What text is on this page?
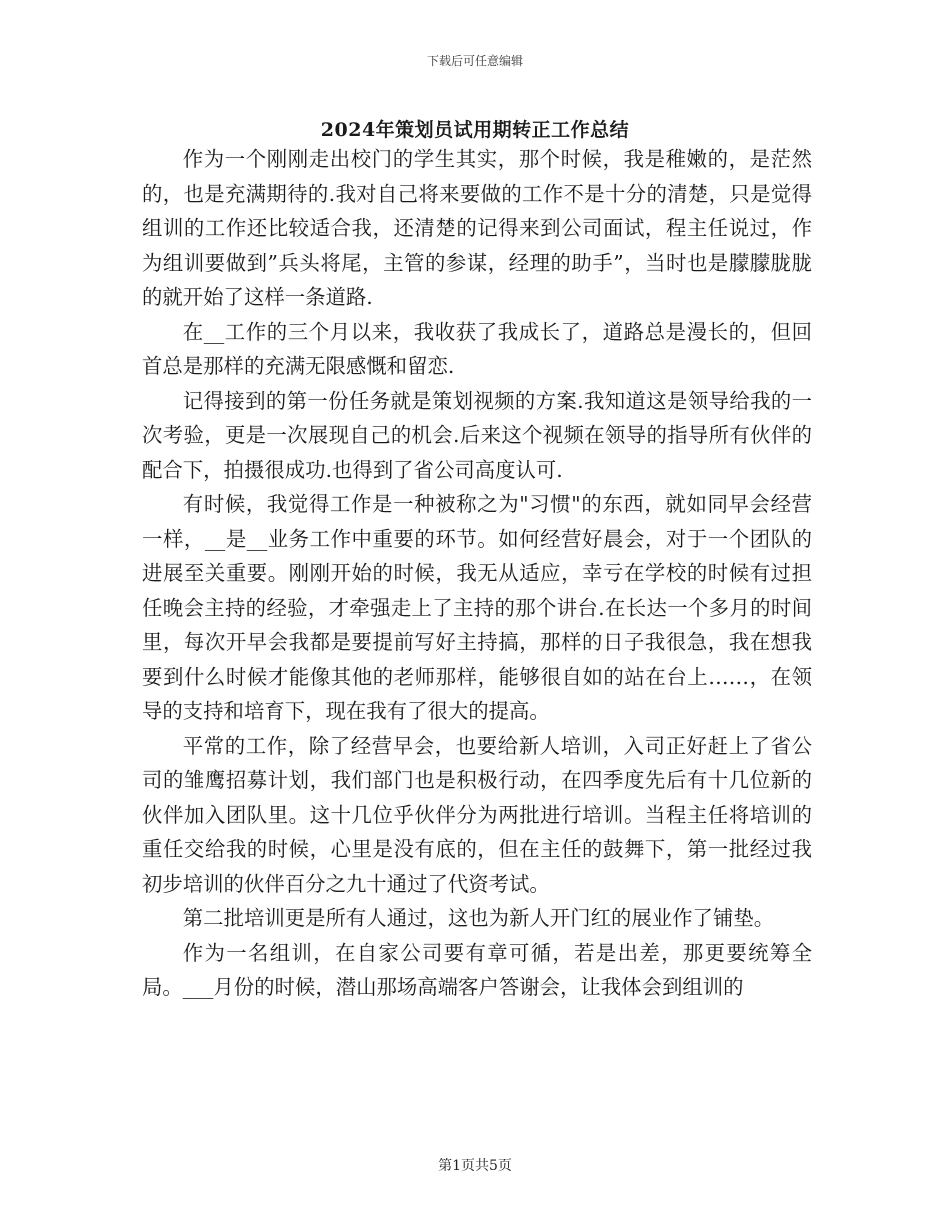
下载后可任意编辑
2024年策划员试用期转正工作总结

作为一个刚刚走出校门的学生其实，那个时候，我是稚嫩的，是茫然的，也是充满期待的.我对自己将来要做的工作不是十分的清楚，只是觉得组训的工作还比较适合我，还清楚的记得来到公司面试，程主任说过，作为组训要做到”兵头将尾，主管的参谋，经理的助手”，当时也是朦朦胧胧的就开始了这样一条道路.

在__工作的三个月以来，我收获了我成长了，道路总是漫长的，但回首总是那样的充满无限感慨和留恋.

记得接到的第一份任务就是策划视频的方案.我知道这是领导给我的一次考验，更是一次展现自己的机会.后来这个视频在领导的指导所有伙伴的配合下，拍摄很成功.也得到了省公司高度认可.

有时候，我觉得工作是一种被称之为"习惯"的东西，就如同早会经营一样，__是__业务工作中重要的环节。如何经营好晨会，对于一个团队的进展至关重要。刚刚开始的时候，我无从适应，幸亏在学校的时候有过担任晚会主持的经验，才牵强走上了主持的那个讲台.在长达一个多月的时间里，每次开早会我都是要提前写好主持搞，那样的日子我很急，我在想我要到什么时候才能像其他的老师那样，能够很自如的站在台上……，在领导的支持和培育下，现在我有了很大的提高。

平常的工作，除了经营早会，也要给新人培训，入司正好赶上了省公司的雏鹰招募计划，我们部门也是积极行动，在四季度先后有十几位新的伙伴加入团队里。这十几位乎伙伴分为两批进行培训。当程主任将培训的重任交给我的时候，心里是没有底的，但在主任的鼓舞下，第一批经过我初步培训的伙伴百分之九十通过了代资考试。

第二批培训更是所有人通过，这也为新人开门红的展业作了铺垫。

作为一名组训，在自家公司要有章可循，若是出差，那更要统筹全局。___月份的时候，潜山那场高端客户答谢会，让我体会到组训的

第1页共5页
